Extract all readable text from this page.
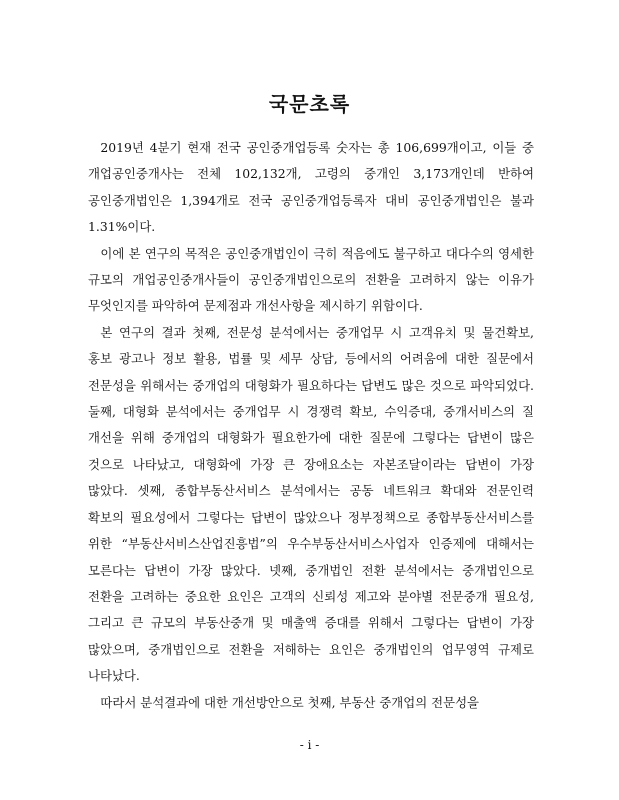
국문초록

2019년 4분기 현재 전국 공인중개업등록 숫자는 총 106,699개이고, 이들 중 개업공인중개사는 전체 102,132개, 고령의 중개인 3,173개인데 반하여 공인중개법인은 1,394개로 전국 공인중개업등록자 대비 공인중개법인은 불과 1.31%이다.

이에 본 연구의 목적은 공인중개법인이 극히 적음에도 불구하고 대다수의 영세한 규모의 개업공인중개사들이 공인중개법인으로의 전환을 고려하지 않는 이유가 무엇인지를 파악하여 문제점과 개선사항을 제시하기 위함이다.

본 연구의 결과 첫째, 전문성 분석에서는 중개업무 시 고객유치 및 물건확보, 홍보 광고나 정보 활용, 법률 및 세무 상담, 등에서의 어려움에 대한 질문에서 전문성을 위해서는 중개업의 대형화가 필요하다는 답변도 많은 것으로 파악되었다. 둘째, 대형화 분석에서는 중개업무 시 경쟁력 확보, 수익증대, 중개서비스의 질 개선을 위해 중개업의 대형화가 필요한가에 대한 질문에 그렇다는 답변이 많은 것으로 나타났고, 대형화에 가장 큰 장애요소는 자본조달이라는 답변이 가장 많았다. 셋째, 종합부동산서비스 분석에서는 공동 네트워크 확대와 전문인력 확보의 필요성에서 그렇다는 답변이 많았으나 정부정책으로 종합부동산서비스를 위한 “부동산서비스산업진흥법”의 우수부동산서비스사업자 인증제에 대해서는 모른다는 답변이 가장 많았다. 넷째, 중개법인 전환 분석에서는 중개법인으로 전환을 고려하는 중요한 요인은 고객의 신뢰성 제고와 분야별 전문중개 필요성, 그리고 큰 규모의 부동산중개 및 매출액 증대를 위해서 그렇다는 답변이 가장 많았으며, 중개법인으로 전환을 저해하는 요인은 중개법인의 업무영역 규제로 나타났다.

따라서 분석결과에 대한 개선방안으로 첫째, 부동산 중개업의 전문성을

- i -
